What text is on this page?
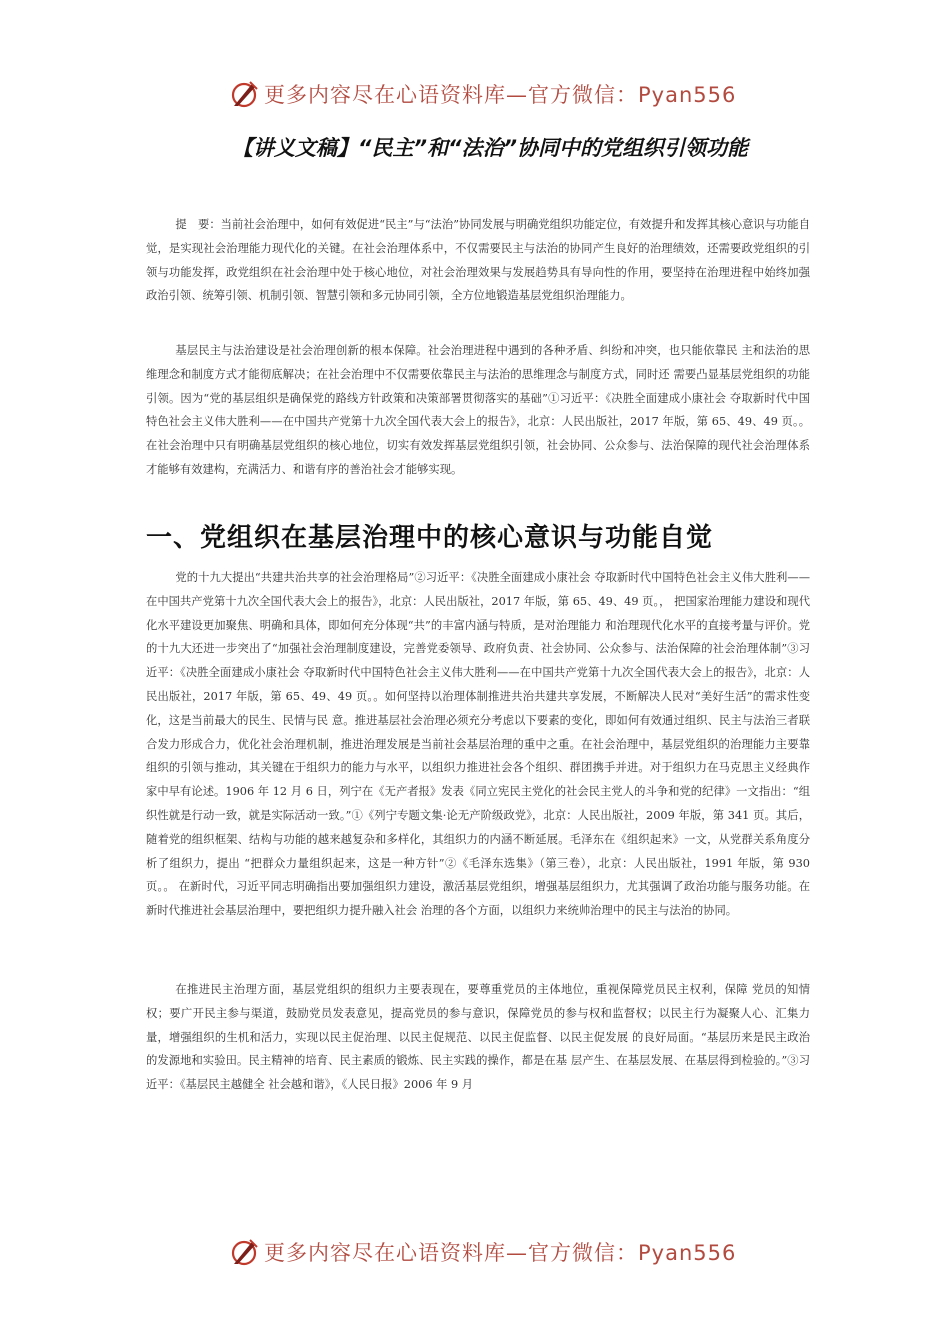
更多内容尽在心语资料库—官方微信：Pyan556
【讲义文稿】“民主”和“法治”协同中的党组织引领功能

提　要：当前社会治理中，如何有效促进“民主”与“法治”协同发展与明确党组织功能定位，有效提升和发挥其核心意识与功能自觉，是实现社会治理能力现代化的关键。在社会治理体系中，不仅需要民主与法治的协同产生良好的治理绩效，还需要政党组织的引领与功能发挥，政党组织在社会治理中处于核心地位，对社会治理效果与发展趋势具有导向性的作用，要坚持在治理进程中始终加强政治引领、统筹引领、机制引领、智慧引领和多元协同引领，全方位地锻造基层党组织治理能力。

基层民主与法治建设是社会治理创新的根本保障。社会治理进程中遇到的各种矛盾、纠纷和冲突，也只能依靠民 主和法治的思维理念和制度方式才能彻底解决；在社会治理中不仅需要依靠民主与法治的思维理念与制度方式，同时还 需要凸显基层党组织的功能引领。因为“党的基层组织是确保党的路线方针政策和决策部署贯彻落实的基础”①习近平：《决胜全面建成小康社会 夺取新时代中国特色社会主义伟大胜利——在中国共产党第十九次全国代表大会上的报告》，北京：人民出版社，2017 年版，第 65、49、49 页。。 在社会治理中只有明确基层党组织的核心地位，切实有效发挥基层党组织引领，社会协同、公众参与、法治保障的现代社会治理体系才能够有效建构，充满活力、和谐有序的善治社会才能够实现。

一、党组织在基层治理中的核心意识与功能自觉

党的十九大提出“共建共治共享的社会治理格局”②习近平：《决胜全面建成小康社会 夺取新时代中国特色社会主义伟大胜利——在中国共产党第十九次全国代表大会上的报告》，北京：人民出版社，2017 年版，第 65、49、49 页。， 把国家治理能力建设和现代化水平建设更加聚焦、明确和具体，即如何充分体现“共”的丰富内涵与特质，是对治理能力 和治理现代化水平的直接考量与评价。党的十九大还进一步突出了“加强社会治理制度建设，完善党委领导、政府负责、社会协同、公众参与、法治保障的社会治理体制”③习近平：《决胜全面建成小康社会 夺取新时代中国特色社会主义伟大胜利——在中国共产党第十九次全国代表大会上的报告》，北京：人民出版社，2017 年版，第 65、49、49 页。。如何坚持以治理体制推进共治共建共享发展，不断解决人民对“美好生活”的需求性变化，这是当前最大的民生、民情与民 意。推进基层社会治理必须充分考虑以下要素的变化，即如何有效通过组织、民主与法治三者联合发力形成合力，优化社会治理机制，推进治理发展是当前社会基层治理的重中之重。在社会治理中，基层党组织的治理能力主要靠组织的引领与推动，其关键在于组织力的能力与水平，以组织力推进社会各个组织、群团携手并进。对于组织力在马克思主义经典作家中早有论述。1906 年 12 月 6 日，列宁在《无产者报》发表《同立宪民主党化的社会民主党人的斗争和党的纪律》一文指出：“组织性就是行动一致，就是实际活动一致。”①《列宁专题文集·论无产阶级政党》，北京：人民出版社，2009 年版，第 341 页。其后，随着党的组织框架、结构与功能的越来越复杂和多样化，其组织力的内涵不断延展。毛泽东在《组织起来》一文，从党群关系角度分析了组织力，提出 “把群众力量组织起来，这是一种方针”②《毛泽东选集》（第三卷），北京：人民出版社，1991 年版，第 930 页。。 在新时代，习近平同志明确指出要加强组织力建设，激活基层党组织，增强基层组织力，尤其强调了政治功能与服务功能。在新时代推进社会基层治理中，要把组织力提升融入社会 治理的各个方面，以组织力来统帅治理中的民主与法治的协同。

在推进民主治理方面，基层党组织的组织力主要表现在，要尊重党员的主体地位，重视保障党员民主权利，保障 党员的知情权；要广开民主参与渠道，鼓励党员发表意见，提高党员的参与意识，保障党员的参与权和监督权；以民主行为凝聚人心、汇集力量，增强组织的生机和活力，实现以民主促治理、以民主促规范、以民主促监督、以民主促发展 的良好局面。“基层历来是民主政治的发源地和实验田。民主精神的培育、民主素质的锻炼、民主实践的操作，都是在基 层产生、在基层发展、在基层得到检验的。”③习近平：《基层民主越健全 社会越和谐》，《人民日报》2006 年 9 月

更多内容尽在心语资料库—官方微信：Pyan556
